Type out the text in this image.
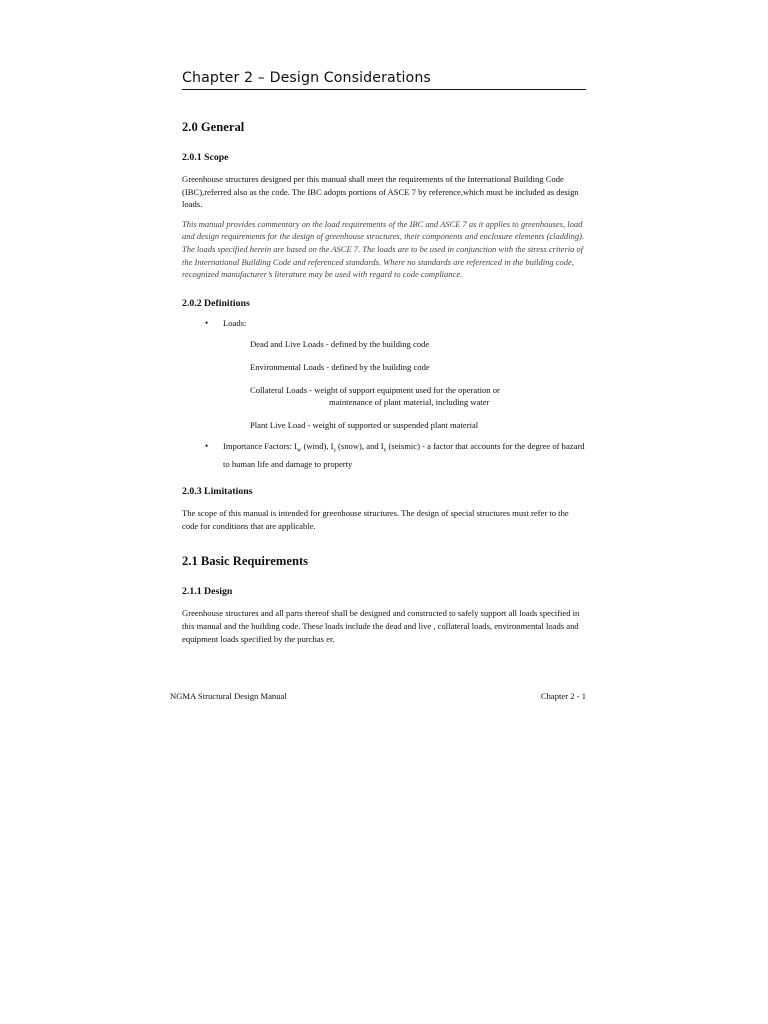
Chapter 2 – Design Considerations
2.0 General
2.0.1 Scope
Greenhouse structures designed per this manual shall meet the requirements of the International Building Code (IBC),referred also as the code. The IBC adopts portions of ASCE 7 by reference,which must be included as design loads.
This manual provides commentary on the load requirements of the IBC and ASCE 7 as it applies to greenhouses, load and design requirements for the design of greenhouse structures, their components and enclosure elements (cladding). The loads specified herein are based on the ASCE 7. The loads are to be used in conjunction with the stress criteria of the International Building Code and referenced standards. Where no standards are referenced in the building code, recognized manufacturer’s literature may be used with regard to code compliance.
2.0.2 Definitions
• Loads:
Dead and Live Loads - defined by the building code
Environmental Loads - defined by the building code
Collateral Loads - weight of support equipment used for the operation or
maintenance of plant material, including water
Plant Live Load - weight of supported or suspended plant material
• Importance Factors: $I_w$ (wind), $I_s$ (snow), and $I_e$ (seismic) - a factor that accounts for the degree of hazard to human life and damage to property
2.0.3 Limitations
The scope of this manual is intended for greenhouse structures. The design of special structures must refer to the code for conditions that are applicable.
2.1 Basic Requirements
2.1.1 Design
Greenhouse structures and all parts thereof shall be designed and constructed to safely support all loads specified in this manual and the building code. These loads include the dead and live , collateral loads, environmental loads and equipment loads specified by the purchas er.
NGMA Structural Design Manual	Chapter 2 - 1
